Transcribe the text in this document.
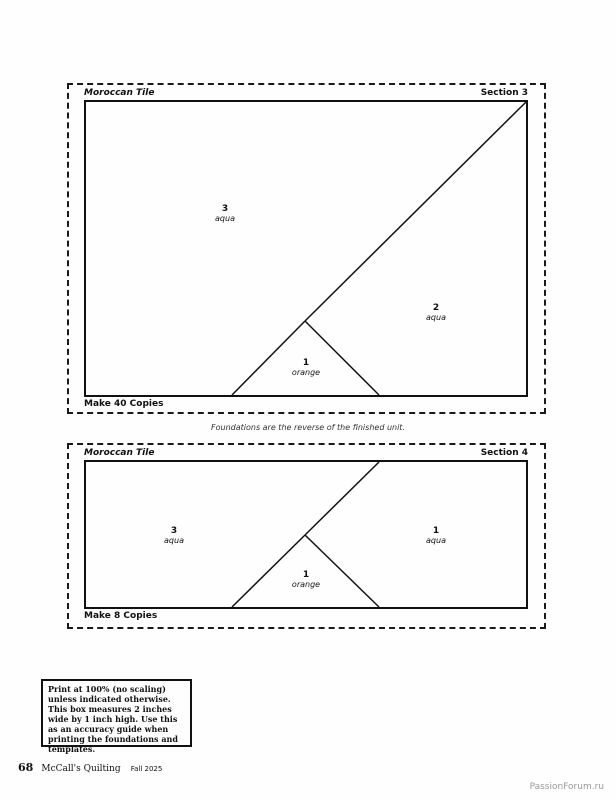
Moroccan Tile	Section 3
Make 40 Copies
3
aqua
2
aqua
1
orange
Foundations are the reverse of the finished unit.
Moroccan Tile	Section 4
Make 8 Copies
3
aqua
1
aqua
1
orange
Print at 100% (no scaling) unless indicated otherwise. This box measures 2 inches wide by 1 inch high. Use this as an accuracy guide when printing the foundations and templates.
68 McCall's Quilting Fall 2025
PassionForum.ru
